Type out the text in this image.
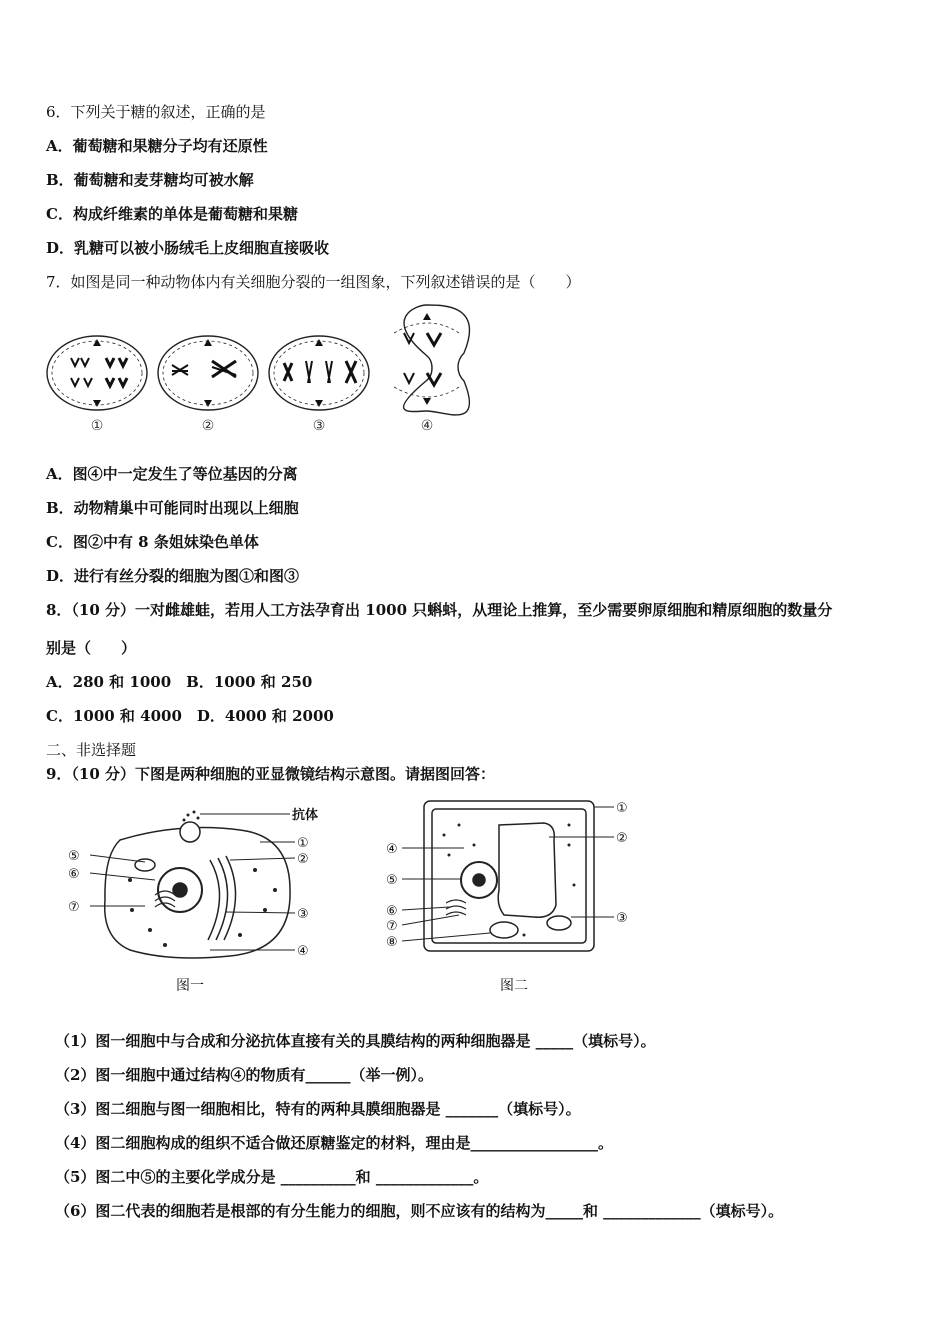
6．下列关于糖的叙述，正确的是
A．葡萄糖和果糖分子均有还原性
B．葡萄糖和麦芽糖均可被水解
C．构成纤维素的单体是葡萄糖和果糖
D．乳糖可以被小肠绒毛上皮细胞直接吸收
7．如图是同一种动物体内有关细胞分裂的一组图象，下列叙述错误的是（　　）
①	②	③	④
A．图④中一定发生了等位基因的分离
B．动物精巢中可能同时出现以上细胞
C．图②中有 8 条姐妹染色单体
D．进行有丝分裂的细胞为图①和图③
8．（10 分）一对雌雄蛙，若用人工方法孕育出 1000 只蝌蚪，从理论上推算，至少需要卵原细胞和精原细胞的数量分
别是（　　）
A．280 和 1000　B．1000 和 250
C．1000 和 4000　D．4000 和 2000
二、非选择题
9．（10 分）下图是两种细胞的亚显微镜结构示意图。请据图回答：
抗体
①
②
③
④
⑤
⑥
⑦
图一
①
②
③
④
⑤
⑥
⑦
⑧
图二
（1）图一细胞中与合成和分泌抗体直接有关的具膜结构的两种细胞器是 _____（填标号）。
（2）图一细胞中通过结构④的物质有______（举一例）。
（3）图二细胞与图一细胞相比，特有的两种具膜细胞器是 _______（填标号）。
（4）图二细胞构成的组织不适合做还原糖鉴定的材料，理由是_________________。
（5）图二中⑤的主要化学成分是 __________和 _____________。
（6）图二代表的细胞若是根部的有分生能力的细胞，则不应该有的结构为_____和 _____________（填标号）。
